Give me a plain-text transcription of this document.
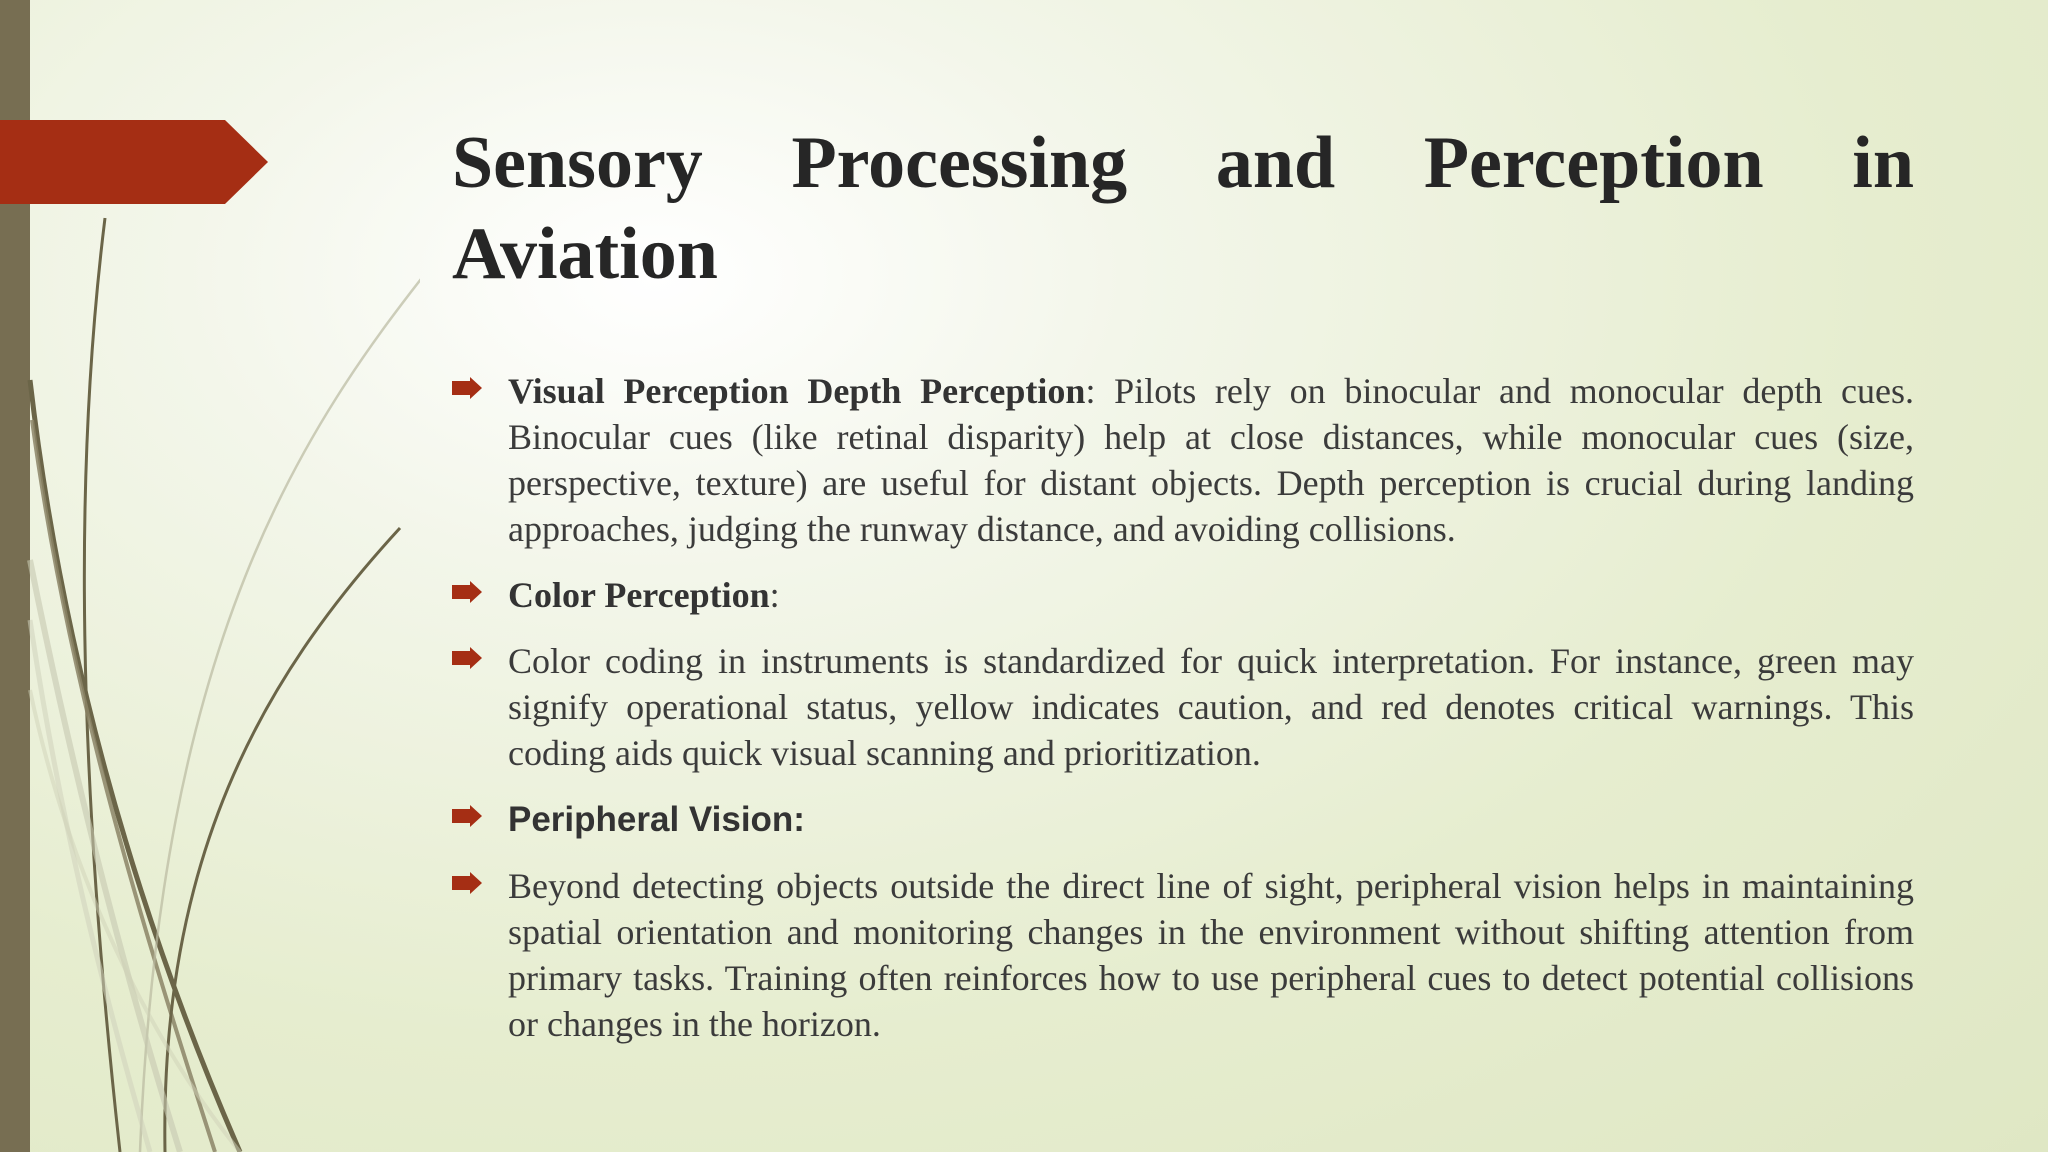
Sensory Processing and Perception in
Aviation
Visual Perception Depth Perception: Pilots rely on binocular and monocular depth cues. Binocular cues (like retinal disparity) help at close distances, while monocular cues (size, perspective, texture) are useful for distant objects. Depth perception is crucial during landing approaches, judging the runway distance, and avoiding collisions.
Color Perception:
Color coding in instruments is standardized for quick interpretation. For instance, green may signify operational status, yellow indicates caution, and red denotes critical warnings. This coding aids quick visual scanning and prioritization.
Peripheral Vision:
Beyond detecting objects outside the direct line of sight, peripheral vision helps in maintaining spatial orientation and monitoring changes in the environment without shifting attention from primary tasks. Training often reinforces how to use peripheral cues to detect potential collisions or changes in the horizon.
